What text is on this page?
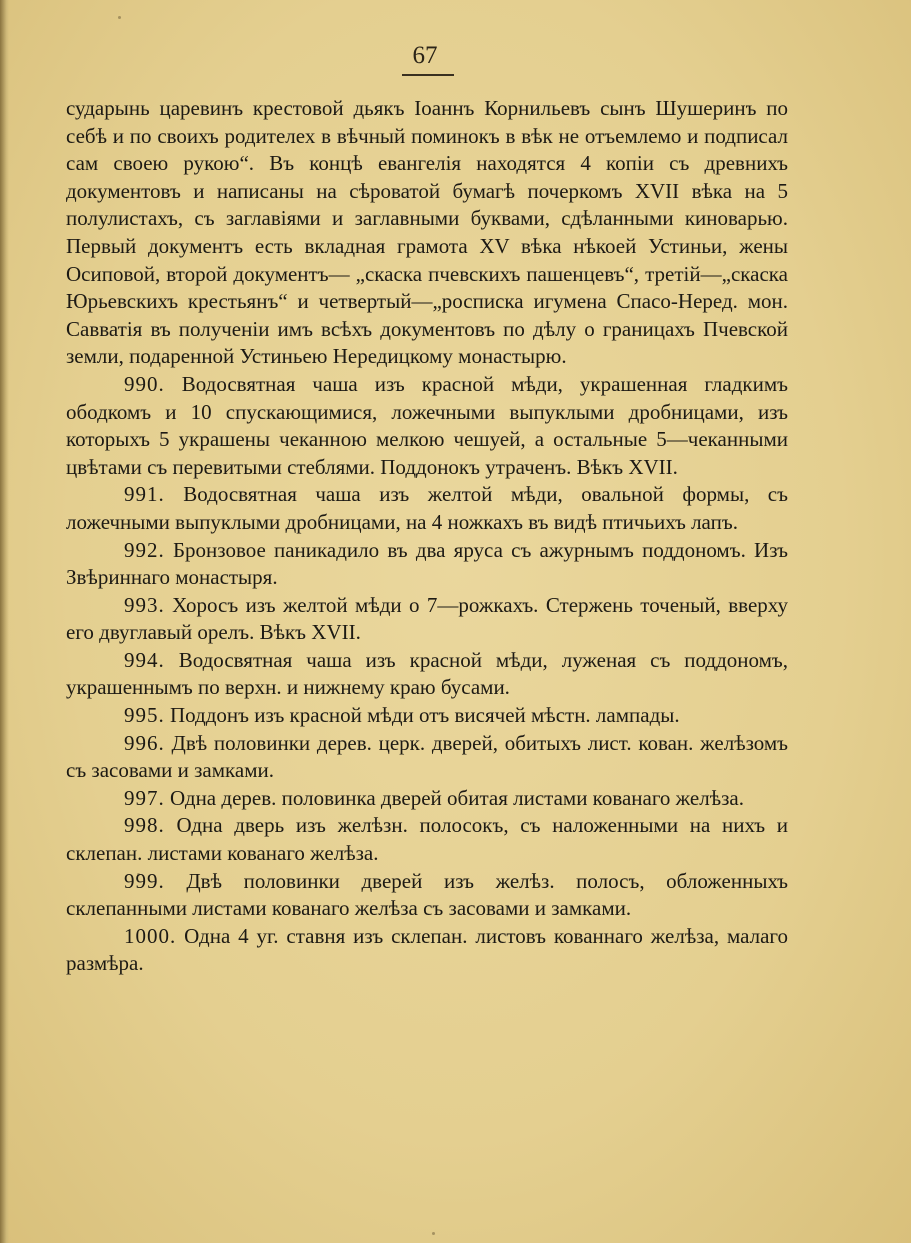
67

сударынь царевинъ крестовой дьякъ Іоаннъ Корнильевъ сынъ Шушеринъ по себѣ и по своихъ родителех в вѣчный поминокъ в вѣк не отъемлемо и подписал сам своею рукою“. Въ концѣ евангелія находятся 4 копіи съ древнихъ документовъ и написаны на сѣроватой бумагѣ почеркомъ XVII вѣка на 5 полулистахъ, съ заглавіями и заглавными буквами, сдѣланными киноварью. Первый документъ есть вкладная грамота XV вѣка нѣкоей Устиньи, жены Осиповой, второй документъ— „скаска пчевскихъ пашенцевъ“, третій—„скаска Юрьевскихъ крестьянъ“ и четвертый—„росписка игумена Спасо-Неред. мон. Савватія въ полученіи имъ всѣхъ документовъ по дѣлу о границахъ Пчевской земли, подаренной Устиньею Нередицкому монастырю.

990. Водосвятная чаша изъ красной мѣди, украшенная гладкимъ ободкомъ и 10 спускающимися, ложечными выпуклыми дробницами, изъ которыхъ 5 украшены чеканною мелкою чешуей, а остальные 5—чеканными цвѣтами съ перевитыми стеблями. Поддонокъ утраченъ. Вѣкъ XVII.

991. Водосвятная чаша изъ желтой мѣди, овальной формы, съ ложечными выпуклыми дробницами, на 4 ножкахъ въ видѣ птичьихъ лапъ.

992. Бронзовое паникадило въ два яруса съ ажурнымъ поддономъ. Изъ Звѣриннаго монастыря.

993. Хоросъ изъ желтой мѣди о 7—рожкахъ. Стержень точеный, вверху его двуглавый орелъ. Вѣкъ XVII.

994. Водосвятная чаша изъ красной мѣди, луженая съ поддономъ, украшеннымъ по верхн. и нижнему краю бусами.

995. Поддонъ изъ красной мѣди отъ висячей мѣстн. лампады.

996. Двѣ половинки дерев. церк. дверей, обитыхъ лист. кован. желѣзомъ съ засовами и замками.

997. Одна дерев. половинка дверей обитая листами кованаго желѣза.

998. Одна дверь изъ желѣзн. полосокъ, съ наложенными на нихъ и склепан. листами кованаго желѣза.

999. Двѣ половинки дверей изъ желѣз. полосъ, обложенныхъ склепанными листами кованаго желѣза съ засовами и замками.

1000. Одна 4 уг. ставня изъ склепан. листовъ кованнаго желѣза, малаго размѣра.
